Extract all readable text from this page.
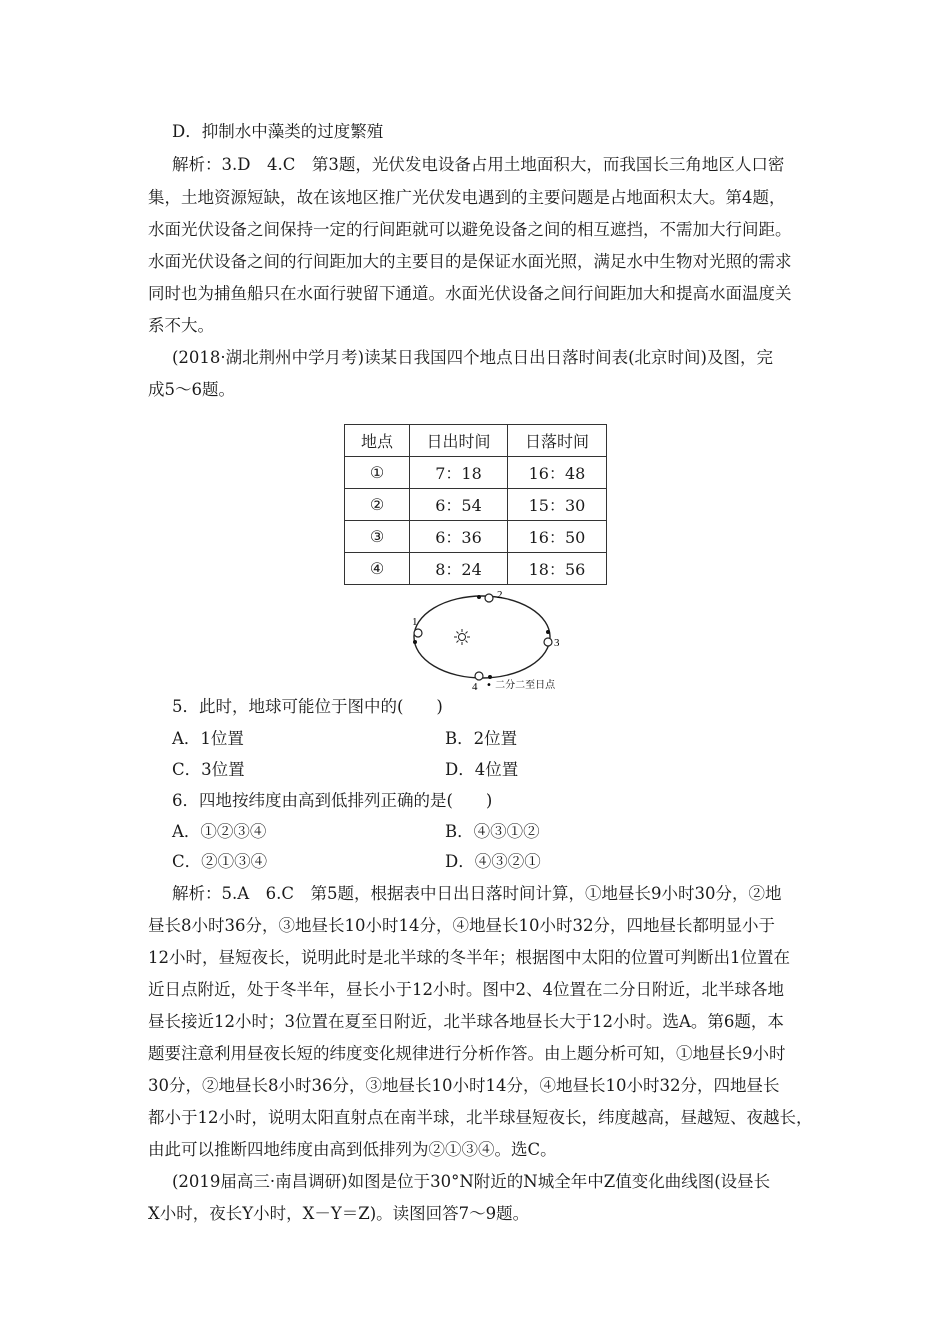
D．抑制水中藻类的过度繁殖
解析：3.D　4.C　第3题，光伏发电设备占用土地面积大，而我国长三角地区人口密
集，土地资源短缺，故在该地区推广光伏发电遇到的主要问题是占地面积太大。第4题，
水面光伏设备之间保持一定的行间距就可以避免设备之间的相互遮挡，不需加大行间距。
水面光伏设备之间的行间距加大的主要目的是保证水面光照，满足水中生物对光照的需求
同时也为捕鱼船只在水面行驶留下通道。水面光伏设备之间行间距加大和提高水面温度关
系不大。
(2018·湖北荆州中学月考)读某日我国四个地点日出日落时间表(北京时间)及图，完
成5～6题。
地点	日出时间	日落时间
①	7：18	16：48
②	6：54	15：30
③	6：36	16：50
④	8：24	18：56
1
2
3
4 • 二分二至日点
5．此时，地球可能位于图中的(　　)
A．1位置	B．2位置
C．3位置	D．4位置
6．四地按纬度由高到低排列正确的是(　　)
A．①②③④	B．④③①②
C．②①③④	D．④③②①
解析：5.A　6.C　第5题，根据表中日出日落时间计算，①地昼长9小时30分，②地
昼长8小时36分，③地昼长10小时14分，④地昼长10小时32分，四地昼长都明显小于
12小时，昼短夜长，说明此时是北半球的冬半年；根据图中太阳的位置可判断出1位置在
近日点附近，处于冬半年，昼长小于12小时。图中2、4位置在二分日附近，北半球各地
昼长接近12小时；3位置在夏至日附近，北半球各地昼长大于12小时。选A。第6题，本
题要注意利用昼夜长短的纬度变化规律进行分析作答。由上题分析可知，①地昼长9小时
30分，②地昼长8小时36分，③地昼长10小时14分，④地昼长10小时32分，四地昼长
都小于12小时，说明太阳直射点在南半球，北半球昼短夜长，纬度越高，昼越短、夜越长，
由此可以推断四地纬度由高到低排列为②①③④。选C。
(2019届高三·南昌调研)如图是位于30°N附近的N城全年中Z值变化曲线图(设昼长
X小时，夜长Y小时，X－Y＝Z)。读图回答7～9题。
